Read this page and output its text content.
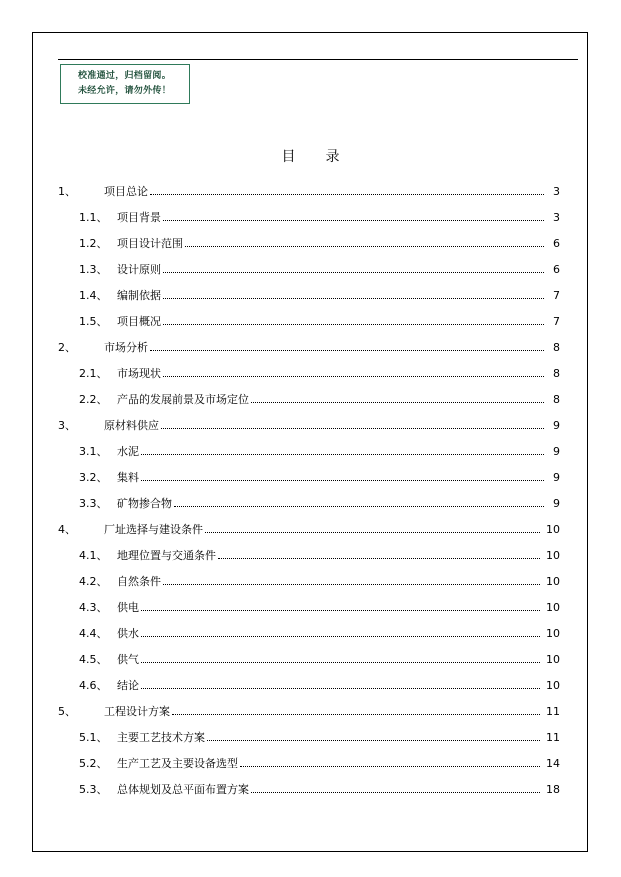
校准通过，归档留阅。
未经允许，请勿外传！
目 录
1、	项目总论	3
1.1、 项目背景	3
1.2、 项目设计范围	6
1.3、 设计原则	6
1.4、 编制依据	7
1.5、 项目概况	7
2、	市场分析	8
2.1、 市场现状	8
2.2、 产品的发展前景及市场定位	8
3、	原材料供应	9
3.1、 水泥	9
3.2、 集料	9
3.3、 矿物掺合物	9
4、	厂址选择与建设条件	10
4.1、 地理位置与交通条件	10
4.2、 自然条件	10
4.3、 供电	10
4.4、 供水	10
4.5、 供气	10
4.6、 结论	10
5、	工程设计方案	11
5.1、 主要工艺技术方案	11
5.2、 生产工艺及主要设备选型	14
5.3、 总体规划及总平面布置方案	18
